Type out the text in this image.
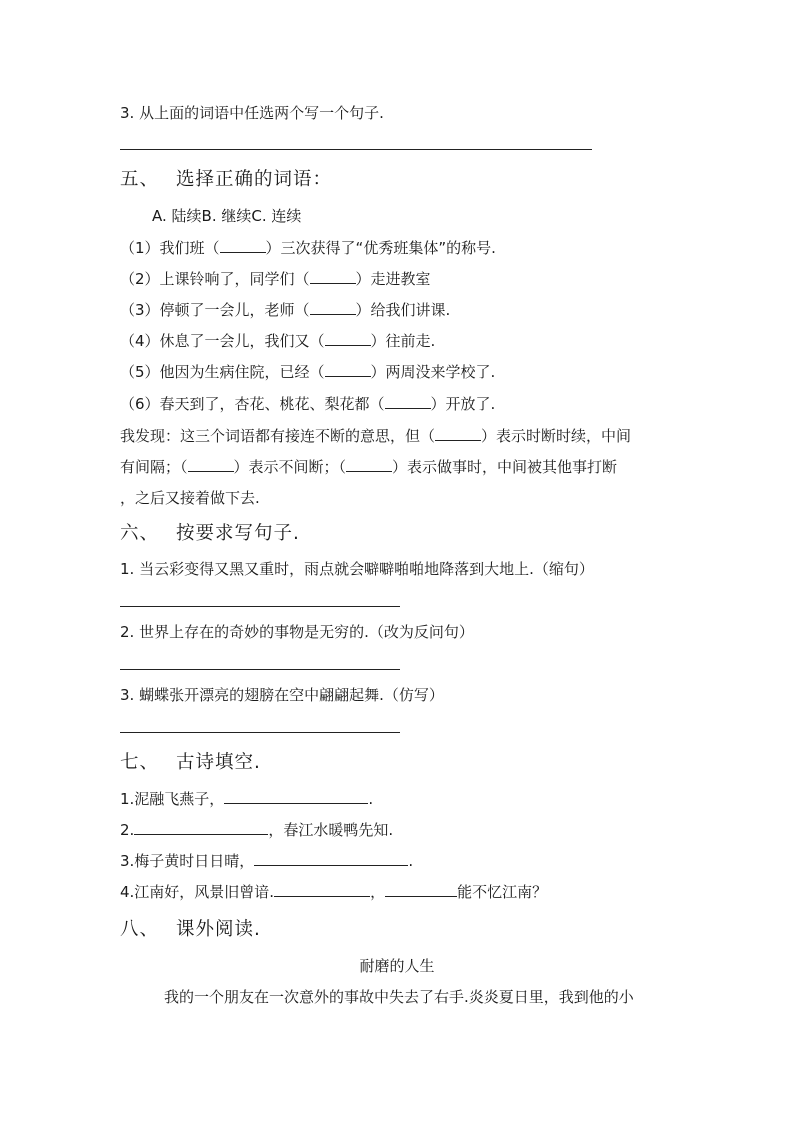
3. 从上面的词语中任选两个写一个句子.
五、 选择正确的词语：
A. 陆续B. 继续C. 连续
（1）我们班（	）三次获得了“优秀班集体”的称号.
（2）上课铃响了，同学们（	）走进教室
（3）停顿了一会儿，老师（	）给我们讲课.
（4）休息了一会儿，我们又（	）往前走.
（5）他因为生病住院，已经（	）两周没来学校了.
（6）春天到了，杏花、桃花、梨花都（	）开放了.
我发现：这三个词语都有接连不断的意思，但（	）表示时断时续，中间
有间隔；（	）表示不间断；（	）表示做事时，中间被其他事打断
，之后又接着做下去.
六、 按要求写句子.
1. 当云彩变得又黑又重时，雨点就会噼噼啪啪地降落到大地上.（缩句）
2. 世界上存在的奇妙的事物是无穷的.（改为反问句）
3. 蝴蝶张开漂亮的翅膀在空中翩翩起舞.（仿写）
七、 古诗填空.
1.泥融飞燕子，	.
2.	，春江水暖鸭先知.
3.梅子黄时日日晴，	.
4.江南好，风景旧曾谙.	，	能不忆江南？
八、 课外阅读.
耐磨的人生
我的一个朋友在一次意外的事故中失去了右手.炎炎夏日里，我到他的小
